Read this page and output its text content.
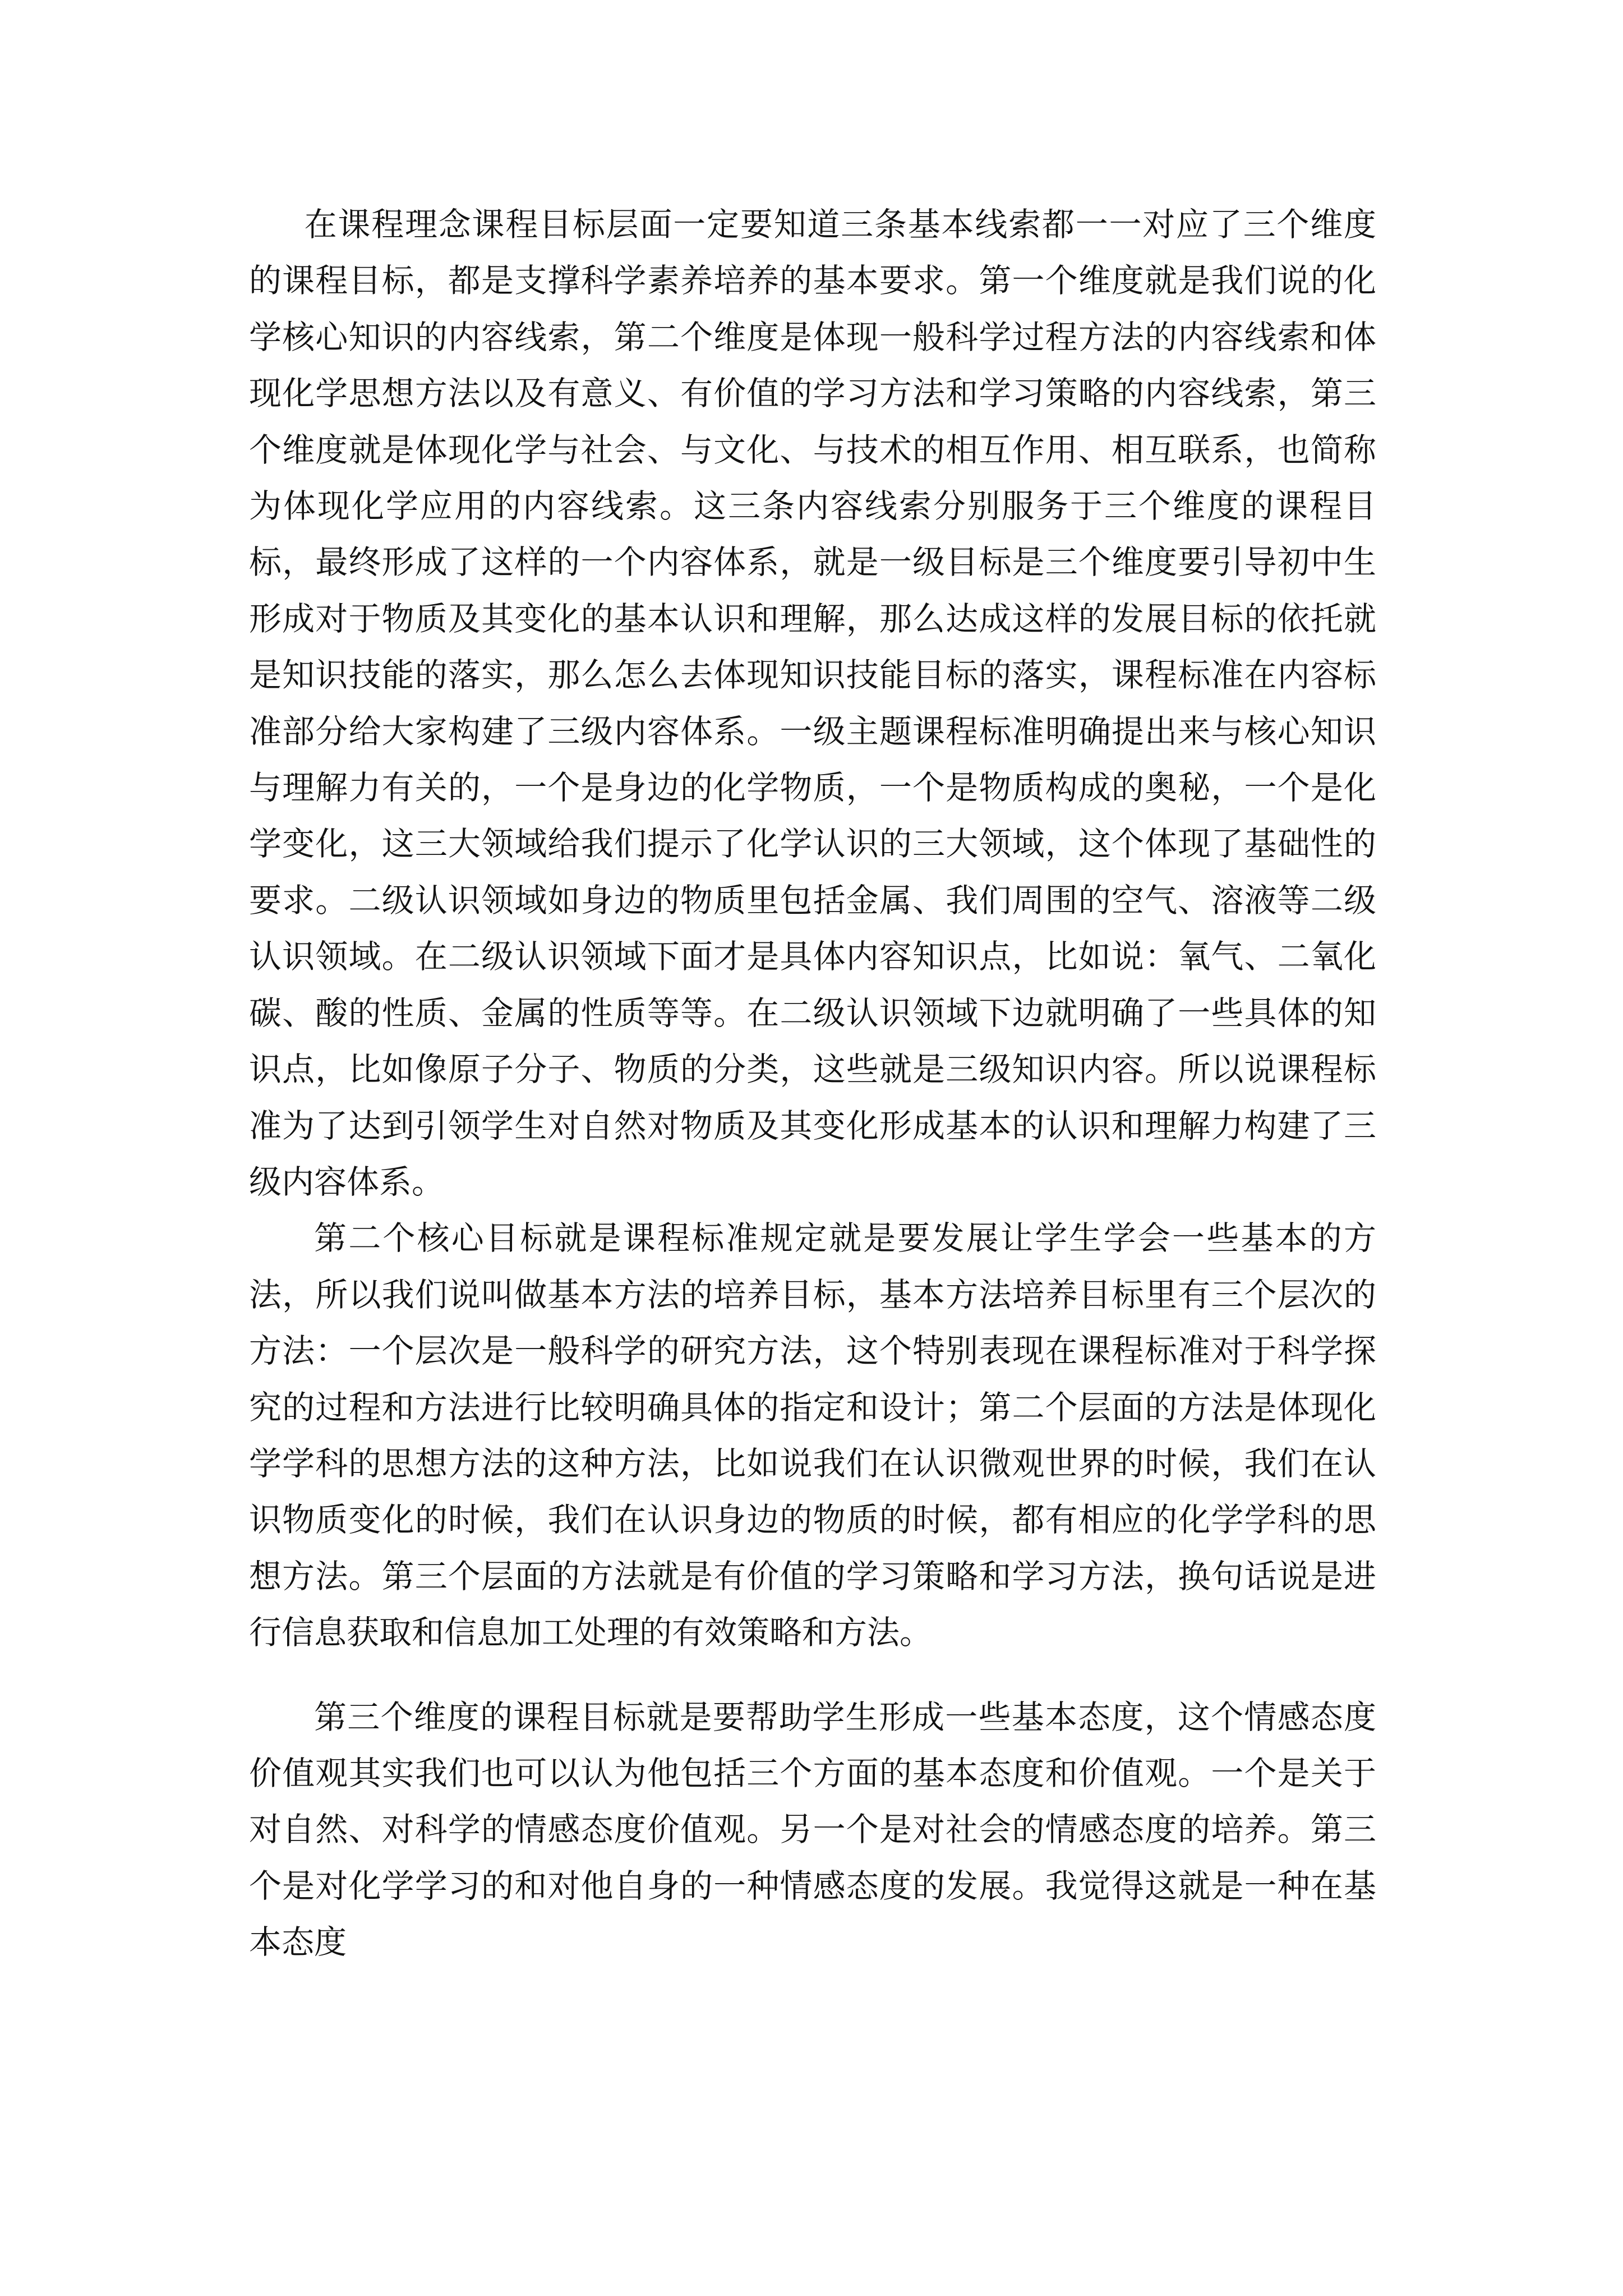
在课程理念课程目标层面一定要知道三条基本线索都一一对应了三个维度的课程目标，都是支撑科学素养培养的基本要求。第一个维度就是我们说的化学核心知识的内容线索，第二个维度是体现一般科学过程方法的内容线索和体现化学思想方法以及有意义、有价值的学习方法和学习策略的内容线索，第三个维度就是体现化学与社会、与文化、与技术的相互作用、相互联系，也简称为体现化学应用的内容线索。这三条内容线索分别服务于三个维度的课程目标，最终形成了这样的一个内容体系，就是一级目标是三个维度要引导初中生形成对于物质及其变化的基本认识和理解，那么达成这样的发展目标的依托就是知识技能的落实，那么怎么去体现知识技能目标的落实，课程标准在内容标准部分给大家构建了三级内容体系。一级主题课程标准明确提出来与核心知识与理解力有关的，一个是身边的化学物质，一个是物质构成的奥秘，一个是化学变化，这三大领域给我们提示了化学认识的三大领域，这个体现了基础性的要求。二级认识领域如身边的物质里包括金属、我们周围的空气、溶液等二级认识领域。在二级认识领域下面才是具体内容知识点，比如说：氧气、二氧化碳、酸的性质、金属的性质等等。在二级认识领域下边就明确了一些具体的知识点，比如像原子分子、物质的分类，这些就是三级知识内容。所以说课程标准为了达到引领学生对自然对物质及其变化形成基本的认识和理解力构建了三级内容体系。

第二个核心目标就是课程标准规定就是要发展让学生学会一些基本的方法，所以我们说叫做基本方法的培养目标，基本方法培养目标里有三个层次的方法：一个层次是一般科学的研究方法，这个特别表现在课程标准对于科学探究的过程和方法进行比较明确具体的指定和设计；第二个层面的方法是体现化学学科的思想方法的这种方法，比如说我们在认识微观世界的时候，我们在认识物质变化的时候，我们在认识身边的物质的时候，都有相应的化学学科的思想方法。第三个层面的方法就是有价值的学习策略和学习方法，换句话说是进行信息获取和信息加工处理的有效策略和方法。

第三个维度的课程目标就是要帮助学生形成一些基本态度，这个情感态度价值观其实我们也可以认为他包括三个方面的基本态度和价值观。一个是关于对自然、对科学的情感态度价值观。另一个是对社会的情感态度的培养。第三个是对化学学习的和对他自身的一种情感态度的发展。我觉得这就是一种在基本态度
